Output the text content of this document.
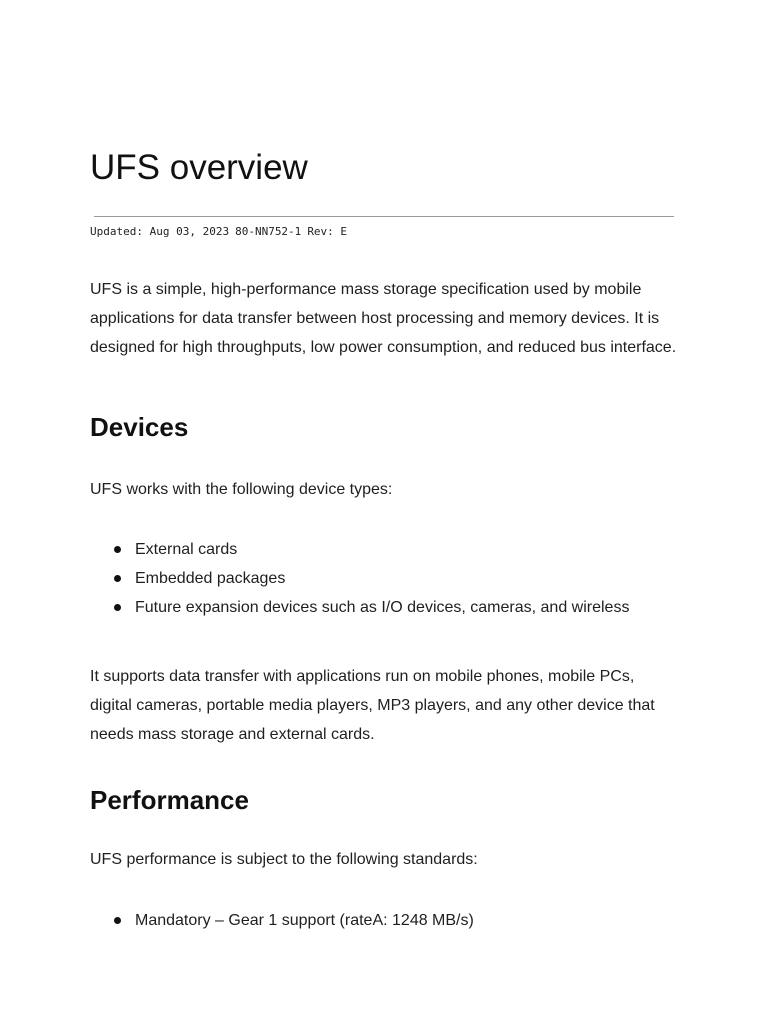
UFS overview
Updated: Aug 03, 2023 80-NN752-1 Rev: E

UFS is a simple, high-performance mass storage specification used by mobile applications for data transfer between host processing and memory devices. It is designed for high throughputs, low power consumption, and reduced bus interface.

Devices

UFS works with the following device types:

External cards
Embedded packages
Future expansion devices such as I/O devices, cameras, and wireless

It supports data transfer with applications run on mobile phones, mobile PCs, digital cameras, portable media players, MP3 players, and any other device that needs mass storage and external cards.

Performance

UFS performance is subject to the following standards:

Mandatory – Gear 1 support (rateA: 1248 MB/s)
